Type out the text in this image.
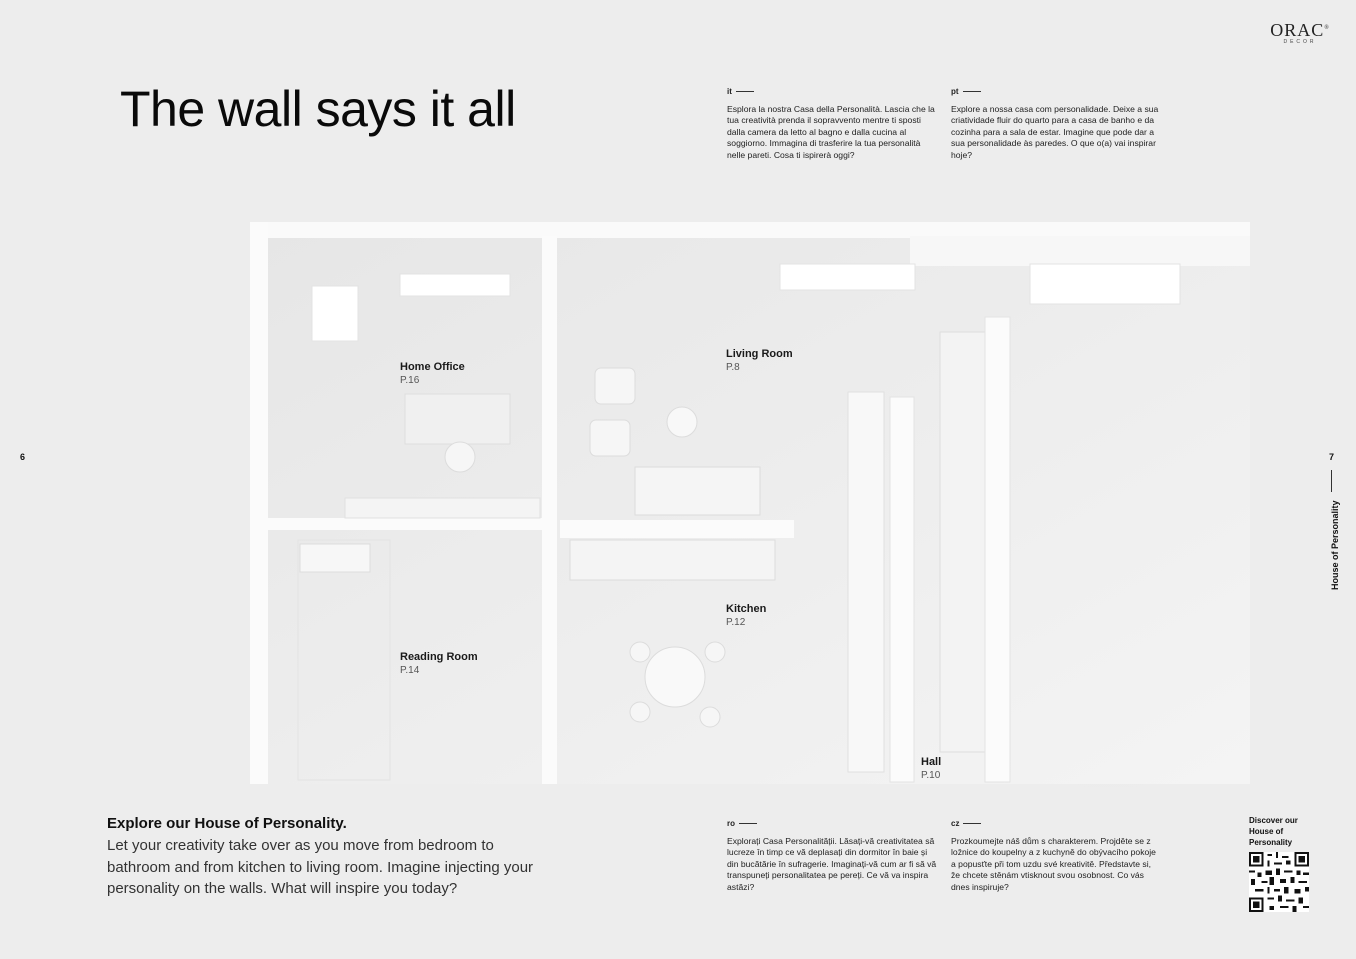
ORAC®
DECOR
The wall says it all	it

Esplora la nostra Casa della Personalità. Lascia che la tua creatività prenda il sopravvento mentre ti sposti dalla camera da letto al bagno e dalla cucina al soggiorno. Immagina di trasferire la tua personalità nelle pareti. Cosa ti ispirerà oggi?

pt

Explore a nossa casa com personalidade. Deixe a sua criatividade fluir do quarto para a casa de banho e da cozinha para a sala de estar. Imagine que pode dar a sua personalidade às paredes. O que o(a) vai inspirar hoje?

6	7
House of Personality
Home Office
P.16
Living Room
P.8
Kitchen
P.12
Reading Room
P.14
Hall
P.10
Explore our House of Personality.

Let your creativity take over as you move from bedroom to bathroom and from kitchen to living room. Imagine injecting your personality on the walls. What will inspire you today?

ro

Explorați Casa Personalității. Lăsați-vă creativitatea să lucreze în timp ce vă deplasați din dormitor în baie și din bucătărie în sufragerie. Imaginați-vă cum ar fi să vă transpuneți personalitatea pe pereți. Ce vă va inspira astăzi?

cz

Prozkoumejte náš dům s charakterem. Projděte se z ložnice do koupelny a z kuchyně do obývacího pokoje a popusťte při tom uzdu své kreativitě. Představte si, že chcete stěnám vtisknout svou osobnost. Co vás dnes inspiruje?

Discover our House of Personality
